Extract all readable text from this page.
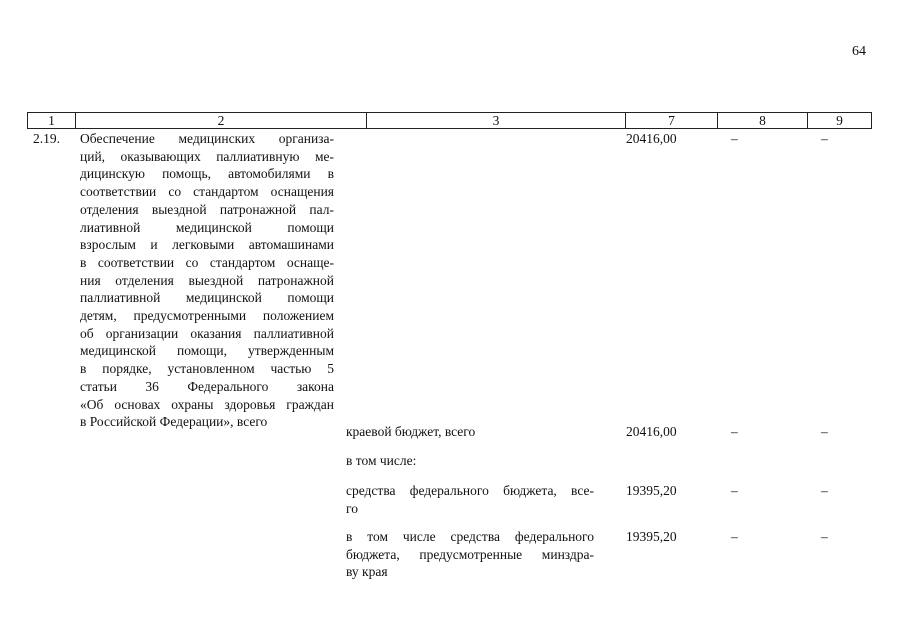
64
1	2	3	7	8	9
2.19. Обеспечение медицинских организа-
ций, оказывающих паллиативную ме-
дицинскую помощь, автомобилями в
соответствии со стандартом оснащения
отделения выездной патронажной пал-
лиативной медицинской помощи
взрослым и легковыми автомашинами
в соответствии со стандартом оснаще-
ния отделения выездной патронажной
паллиативной медицинской помощи
детям, предусмотренными положением
об организации оказания паллиативной
медицинской помощи, утвержденным
в порядке, установленном частью 5
статьи 36 Федерального закона
«Об основах охраны здоровья граждан
в Российской Федерации», всего
20416,00	–	–
краевой бюджет, всего	20416,00	–	–
в том числе:
средства федерального бюджета, все-
го
19395,20	–	–
в том числе средства федерального
бюджета, предусмотренные минздра-
ву края
19395,20	–	–
